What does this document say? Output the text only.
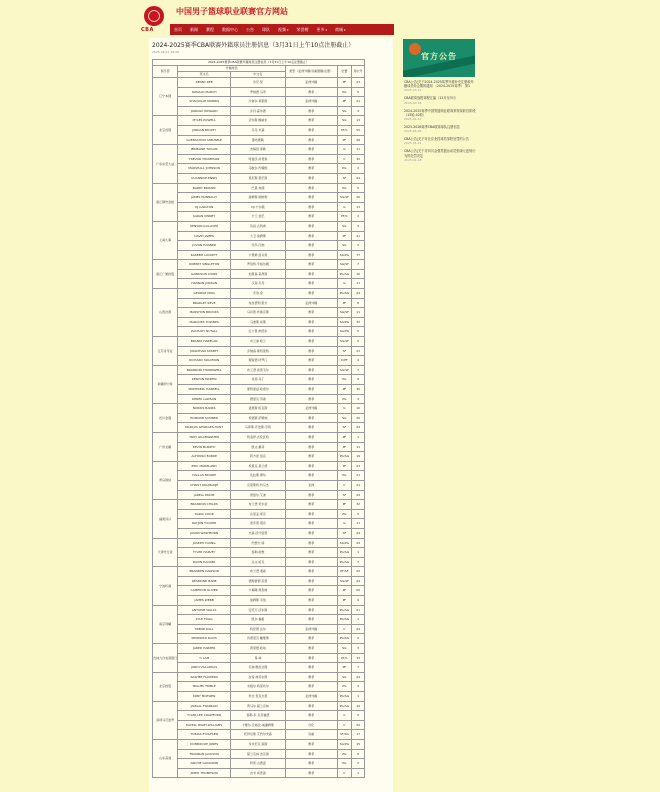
CBA
中国男子篮球职业联赛官方网站
首页	新闻	赛程	数据中心	公告	球队	视频▾	荣誉榜	更多▾	商城▾
2024-2025赛季CBA联赛外籍球员注册信息（3月31日上午10点注册截止）
2025-04-01 18:00
2024-2025赛季CBA联赛外籍球员注册信息（3月31日上午10点注册截止）					
俱乐部	外籍球员		类型（亚洲外籍/双重国籍/注册）	位置	球衣号
	英文名	中文名			
辽宁本钢	KENNY REE	肯尼·里	亚洲外籍	PF	23
	RONALD MARCH	罗纳德·马奇	赛季	PG	5
	SHAQUILLE MORRIS	沙奎尔·莫里斯	亚洲外籍	PF	21
	JORDAN HOWARD	乔丹·霍华德	赛季	SG	3
北京首钢	MYLES POWELL	迈尔斯·鲍威尔	赛季	SG	13
	JORDAN MICKEY	乔丹·米基	赛季	PF/C	55
	GUERSCHON YABUSELE	耶布赛勒	赛季	PF	28
广东东莞大益	JERMAINE TAYLOR	杰梅因·泰勒	赛季	G	11
	TREVOR THOMPSON	特雷沃·汤普森	赛季	C	32
	MARSHALL JOHNSON	马歇尔·约翰逊	赛季	PG	2
	QUANNICE ENNIS	昆尼斯·恩尼斯	赛季	SF	24
浙江稠州金租	BARRY BROWN	巴里·布朗	赛季	PG	5
	JAMES NUNNALLY	詹姆斯·纳纳利	赛季	SG/SF	20
	DJ CARLTON	DJ·卡尔顿	赛季	G	13
	KARAN KINNEY	卡兰·金尼	赛季	PF/C	2
上海久事	KENYON GULLIVER	肯扬·古利弗	赛季	SG	3
	DAVID JAMES	大卫·詹姆斯	赛季	PF	41
	JOVON HANNER	乔冯·汉纳	赛季	SG	2
	KAREEM LOCKETT	卡里姆·洛克特	赛季	SG/PG	77
浙江广厦控股	ROBERT SINGLETON	罗伯特·辛格尔顿	赛季	SG/SF	7
	GARRISON LYONS	加里森·莱昂斯	赛季	PG/SG	10
	HANNAN JORDAN	汉南·乔丹	赛季	G	11
山西汾酒	GEORGE KING	乔治·金	赛季	PG/SG	24
	BRADLEY REVE	布拉德利·里夫	亚洲外籍	PF	8
	MARSHON BROOKS	马肖恩·布鲁克斯	赛季	SG/SF	11
	MARQUES TOWNES	马奎斯·汤斯	赛季	SG/PG	32
	ZACHARY NUTALL	扎卡里·纳托尔	赛季	SG/PG	5
江苏肯帝亚	BRANDI HARELAN	布兰迪·哈兰	赛季	SG/SF	5
	JONATHAN STREET	乔纳森·斯特里特	赛季	SF	21
	RICHARD SOLOMON	理查德·所罗门	赛季	C/PF	4
新疆伊力特	BRANDON THORNWELL	布兰登·索恩韦尔	赛季	SG/SF	7
	KENYON MARTIN	肯扬·马丁	赛季	PG	9
	MONTREZL HARRELL	蒙特雷兹·哈雷尔	赛季	PF	35
	DEREK LAWSON	德里克·劳森	赛季	PG	3
四川金强	NORRIS BANKS	诺里斯·班克斯	亚洲外籍	G	10
	EDMOND SUMNER	埃德蒙·萨姆纳	赛季	SG	20
	MARCUS GEORGES-HUNT	马库斯·乔治斯-亨特	赛季	SF	24
广州龙狮	TROY GILLENWATER	特洛伊·吉伦沃特	赛季	PF	1
	KEVIN MURPHY	凯文·墨菲	赛季	PF	11
	ALFONSO BURKE	阿方索·伯克	赛季	PG/SG	19
青岛国信	ERIC MORELAND	埃里克·莫兰德	赛季	PF	23
	DALLAS MOORE	达拉斯·摩尔	赛季	PG	21
	CHRIST KOUMADJE	克里斯特·科马杰	亚洲	C	21
	JARELL EDDIE	贾雷尔·艾迪	赛季	SF	23
福建浔兴	BRANDON CHILDS	布兰登·奇尔兹	赛季	PF	32
	DARIA COOK	达里亚·库克	赛季	PG	5
	RAYJON TUCKER	雷乔恩·塔克	赛季	G	11
	JASON WASHBURN	杰森·沃什伯恩	赛季	SF	24
天津先行者	JOSEPH YOUNG	约瑟夫·杨	赛季	SG/PG	23
	TYLER HARVEY	泰勒·哈维	赛季	PG/SG	1
	DAVIN HACKER	达文·哈克	赛季	PG/SG	7
宁波町渥	BRANDEN DAWSON	布兰登·道森	赛季	PF/SF	22
	DESMOND BANE	德斯蒙德·贝恩	赛季	SG/SF	24
	CAMERON OLIVER	卡梅隆·奥利弗	赛季	PF	00
	JAMES WEBB	詹姆斯·韦伯	赛季	PF	9
南京同曦	ANTOINE WALLS	安托万·沃尔斯	赛季	PG/SG	21
	KYLE FOGG	凯尔·福格	赛季	PG/SG	1
	TREND DALL	特伦德·达尔	亚洲外籍	C	24
	KENDRICK DAVIS	肯德里克·戴维斯	赛季	PG/SG	0
吉林九台农商银行	JARED HARPER	贾里德·哈珀	赛季	SG	3
	YI LAM	易·林	赛季	PF/C	33
	JORDI VILLARDAS	乔迪·维拉达斯	赛季	PF	7
北京控股	RASHEE FLOWERS	拉希·弗劳尔斯	赛季	SG	24
	MIGUEL TRIBLE	米格尔·特里布尔	赛季	PG	3
	KOBY MCEWEN	科比·麦克尤恩	亚洲外籍	PG/SG	1
深圳马可波罗	JAMAAL FRANKLIN	贾马尔·富兰克林	赛季	PG/SG	19
	TYLER LEE CRAWFORD	泰勒·李·克劳福德	赛季	C	0
	KAVELL BIGBY-WILLIAMS	卡维尔·比格比-威廉姆斯	归化	C	22
	TOBIAS EYOLFSEN	托拜厄斯·艾约尔夫森	双重	SF/SG	17
山东高速	DOMINIQUE JONES	多米尼克·琼斯	赛季	SG/PG	15
	FRANKLIN JACKSON	富兰克林·杰克逊	赛季	PG	6
	ARCHIE GOODWIN	阿奇·古德温	赛季	PG	2
	JIMMY THOMPSON	吉米·汤普森	赛季	C	1
官方公告
CBA公告|关于2024-2025赛季外援补充注册和外籍球员转会期的通知 （2024-2025赛季） 第1
2025-03-11
CBA联赛战报赛程汇编（12月至3月）
2025-03-18
2024-2025赛季中国男篮职业联赛常规赛收官阶段（15轮-42轮）
2025-01-10
2025-2026赛季CBA联赛球队注册信息
2025-05-06
CBA公告|关于对北京北控球员邹阳处罚的公告
2025-01-21
CBA公告|关于对四川金强男篮运动员张晓元违规行为的处罚决定
2025-01-18
